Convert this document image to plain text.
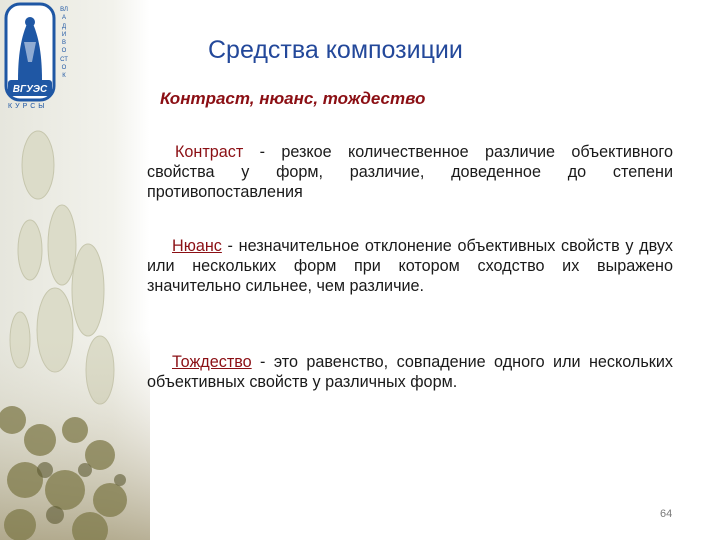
ВГУЭС
ВЛАДИВОСТОК
КУРСЫ
Средства композиции
Контраст, нюанс, тождество

Контраст - резкое количественное различие объективного свойства у форм, различие, доведенное до степени противопоставления

Нюанс - незначительное отклонение объективных свойств у двух или нескольких форм при котором сходство их выражено значительно сильнее, чем различие.

Тождество - это равенство, совпадение одного или нескольких объективных свойств у различных форм.

64
